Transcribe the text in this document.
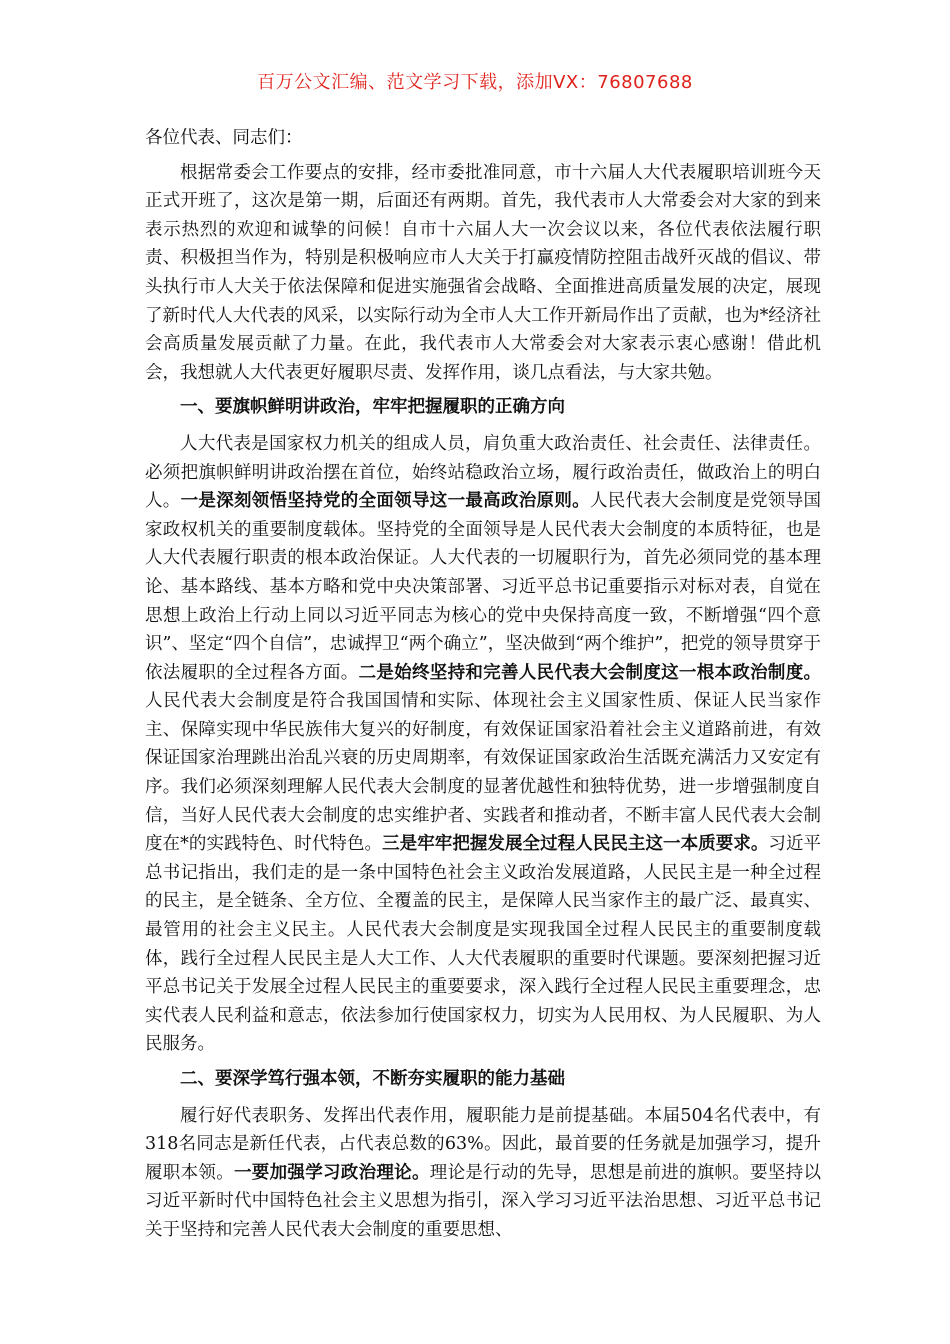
百万公文汇编、范文学习下载，添加VX：76807688
各位代表、同志们：

根据常委会工作要点的安排，经市委批准同意，市十六届人大代表履职培训班今天正式开班了，这次是第一期，后面还有两期。首先，我代表市人大常委会对大家的到来表示热烈的欢迎和诚挚的问候！自市十六届人大一次会议以来，各位代表依法履行职责、积极担当作为，特别是积极响应市人大关于打赢疫情防控阻击战歼灭战的倡议、带头执行市人大关于依法保障和促进实施强省会战略、全面推进高质量发展的决定，展现了新时代人大代表的风采，以实际行动为全市人大工作开新局作出了贡献，也为*经济社会高质量发展贡献了力量。在此，我代表市人大常委会对大家表示衷心感谢！借此机会，我想就人大代表更好履职尽责、发挥作用，谈几点看法，与大家共勉。

一、要旗帜鲜明讲政治，牢牢把握履职的正确方向

人大代表是国家权力机关的组成人员，肩负重大政治责任、社会责任、法律责任。必须把旗帜鲜明讲政治摆在首位，始终站稳政治立场，履行政治责任，做政治上的明白人。一是深刻领悟坚持党的全面领导这一最高政治原则。人民代表大会制度是党领导国家政权机关的重要制度载体。坚持党的全面领导是人民代表大会制度的本质特征，也是人大代表履行职责的根本政治保证。人大代表的一切履职行为，首先必须同党的基本理论、基本路线、基本方略和党中央决策部署、习近平总书记重要指示对标对表，自觉在思想上政治上行动上同以习近平同志为核心的党中央保持高度一致，不断增强“四个意识”、坚定“四个自信”，忠诚捍卫“两个确立”，坚决做到“两个维护”，把党的领导贯穿于依法履职的全过程各方面。二是始终坚持和完善人民代表大会制度这一根本政治制度。人民代表大会制度是符合我国国情和实际、体现社会主义国家性质、保证人民当家作主、保障实现中华民族伟大复兴的好制度，有效保证国家沿着社会主义道路前进，有效保证国家治理跳出治乱兴衰的历史周期率，有效保证国家政治生活既充满活力又安定有序。我们必须深刻理解人民代表大会制度的显著优越性和独特优势，进一步增强制度自信，当好人民代表大会制度的忠实维护者、实践者和推动者，不断丰富人民代表大会制度在*的实践特色、时代特色。三是牢牢把握发展全过程人民民主这一本质要求。习近平总书记指出，我们走的是一条中国特色社会主义政治发展道路，人民民主是一种全过程的民主，是全链条、全方位、全覆盖的民主，是保障人民当家作主的最广泛、最真实、最管用的社会主义民主。人民代表大会制度是实现我国全过程人民民主的重要制度载体，践行全过程人民民主是人大工作、人大代表履职的重要时代课题。要深刻把握习近平总书记关于发展全过程人民民主的重要要求，深入践行全过程人民民主重要理念，忠实代表人民利益和意志，依法参加行使国家权力，切实为人民用权、为人民履职、为人民服务。

二、要深学笃行强本领，不断夯实履职的能力基础

履行好代表职务、发挥出代表作用，履职能力是前提基础。本届504名代表中，有318名同志是新任代表，占代表总数的63%。因此，最首要的任务就是加强学习，提升履职本领。一要加强学习政治理论。理论是行动的先导，思想是前进的旗帜。要坚持以习近平新时代中国特色社会主义思想为指引，深入学习习近平法治思想、习近平总书记关于坚持和完善人民代表大会制度的重要思想、
